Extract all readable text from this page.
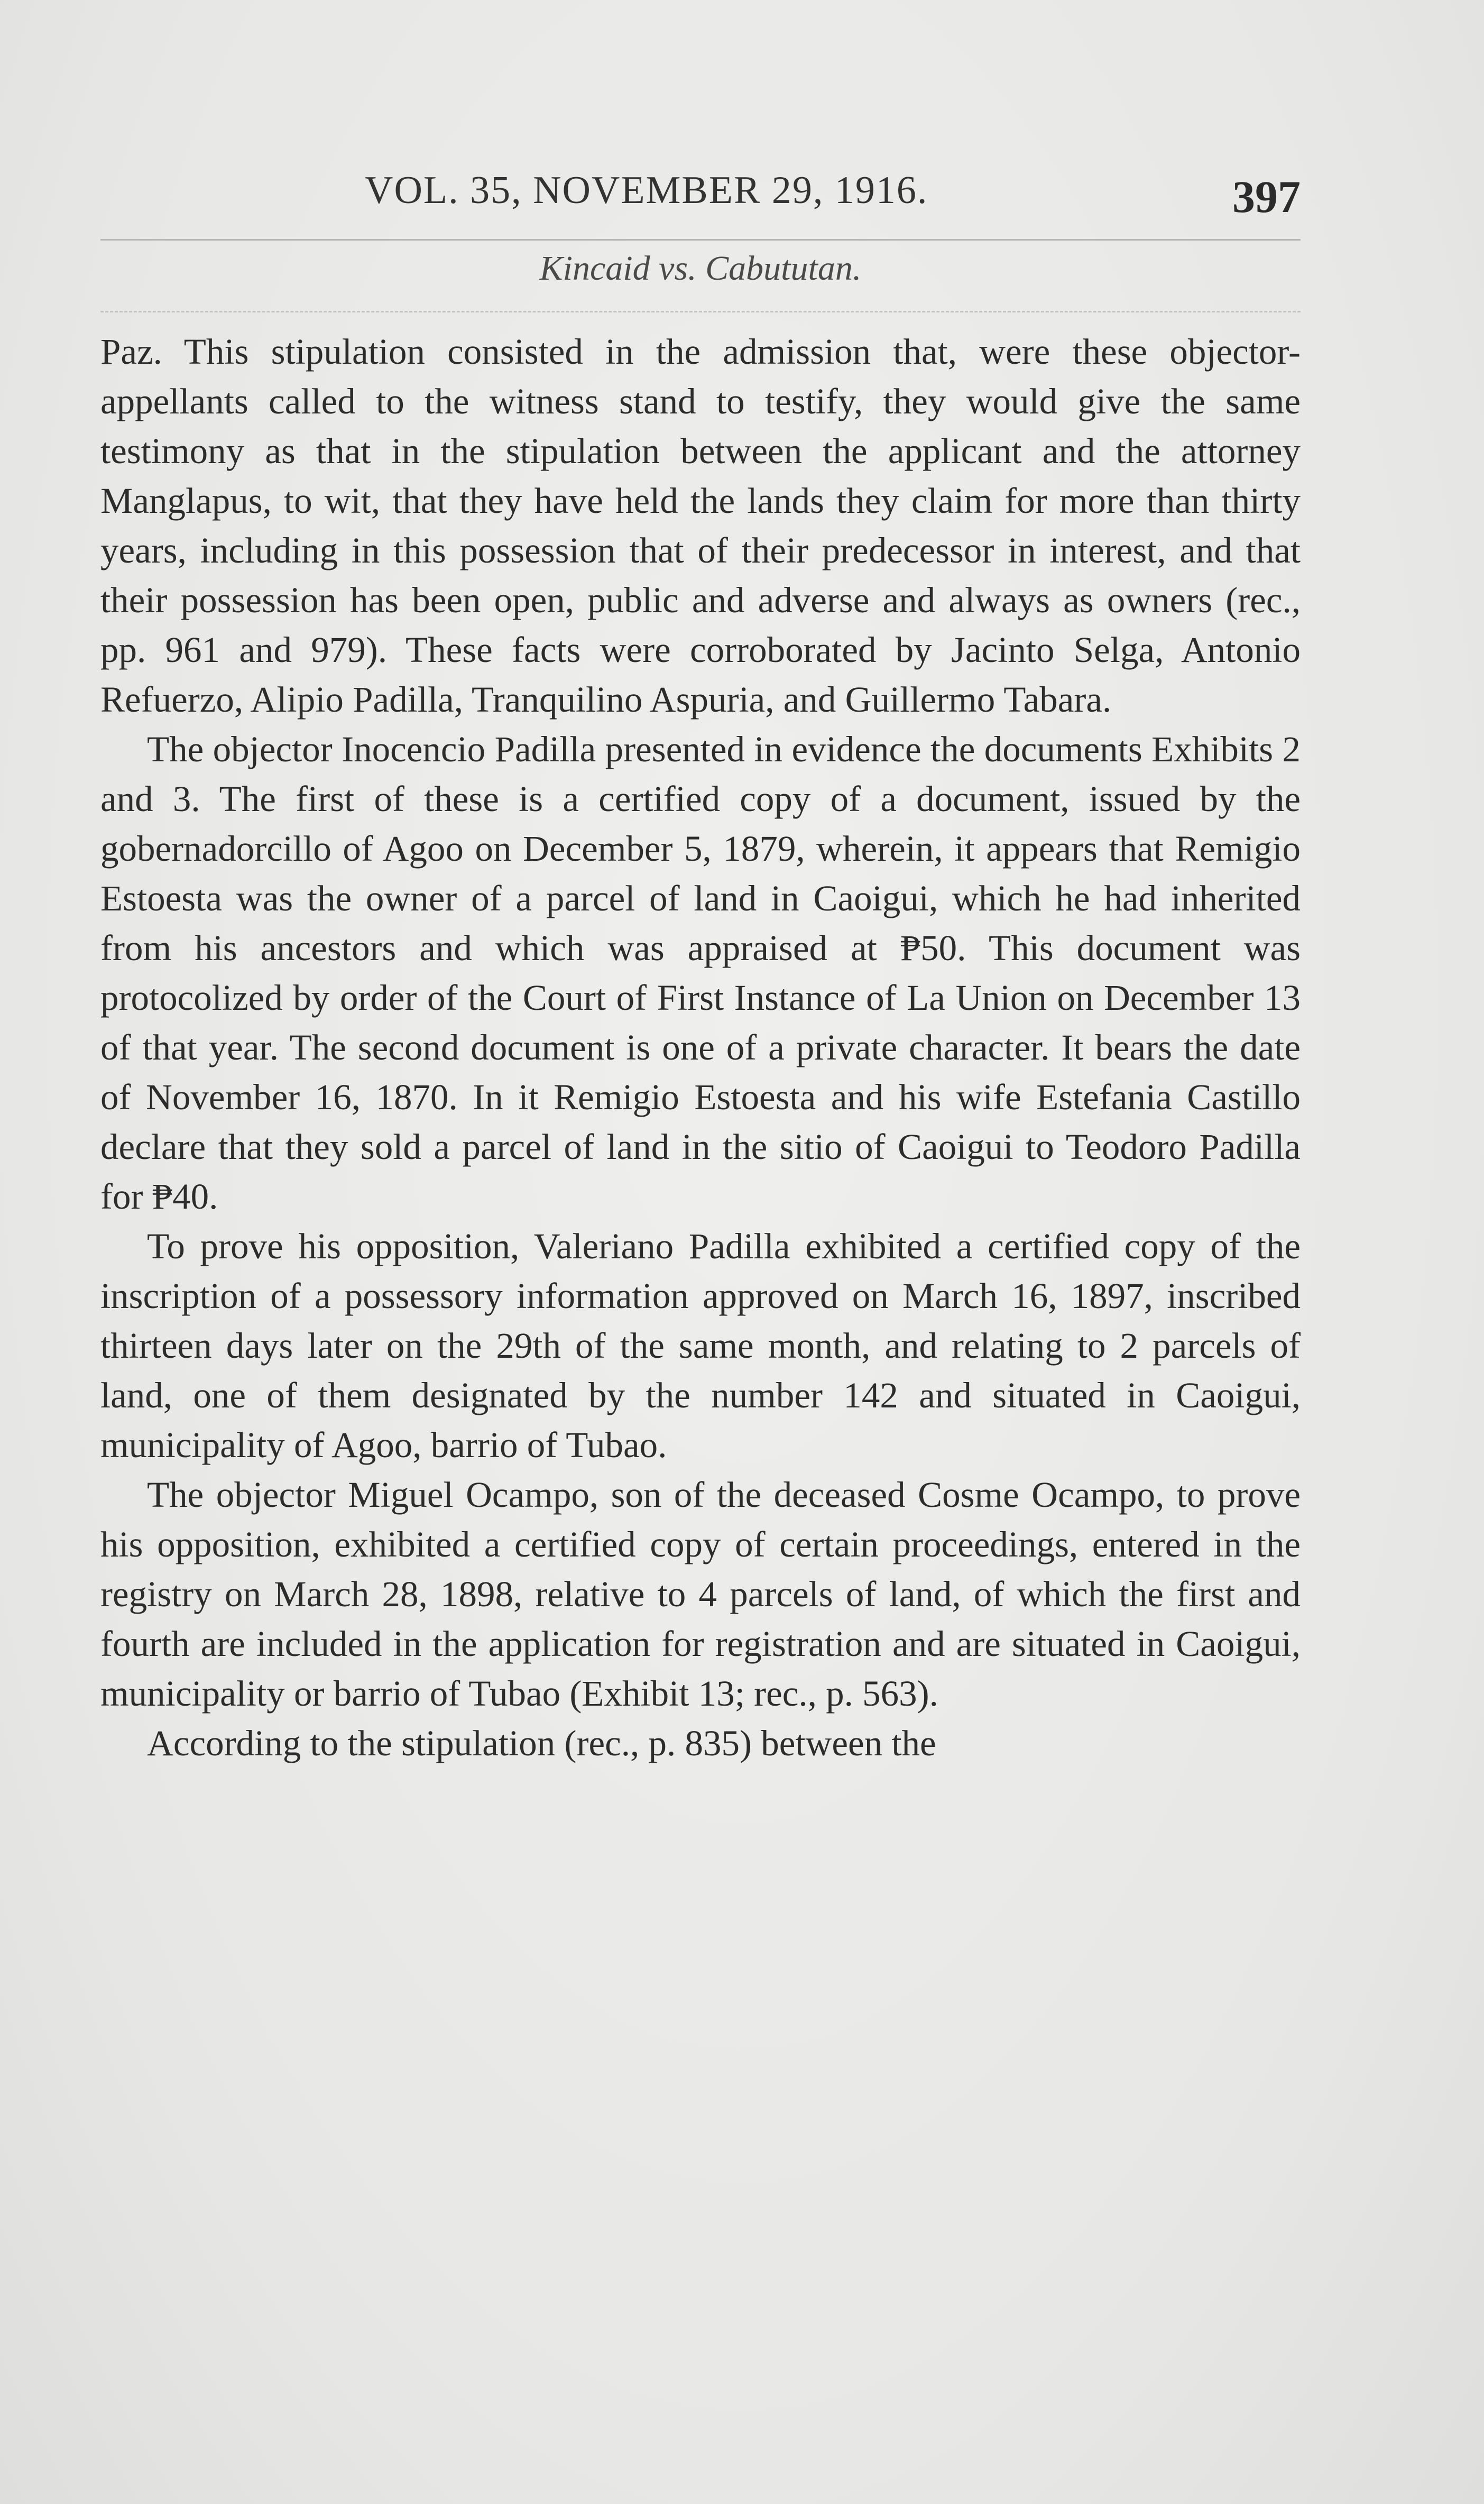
VOL. 35, NOVEMBER 29, 1916.	397
Kincaid vs. Cabututan.

Paz. This stipulation consisted in the admission that, were these objector-appellants called to the witness stand to testify, they would give the same testimony as that in the stipulation between the applicant and the attorney Manglapus, to wit, that they have held the lands they claim for more than thirty years, including in this possession that of their predecessor in interest, and that their possession has been open, public and adverse and always as owners (rec., pp. 961 and 979). These facts were corroborated by Jacinto Selga, Antonio Refuerzo, Alipio Padilla, Tranquilino Aspuria, and Guillermo Tabara.

The objector Inocencio Padilla presented in evidence the documents Exhibits 2 and 3. The first of these is a certified copy of a document, issued by the gobernadorcillo of Agoo on December 5, 1879, wherein, it appears that Remigio Estoesta was the owner of a parcel of land in Caoigui, which he had inherited from his ancestors and which was appraised at ₱50. This document was protocolized by order of the Court of First Instance of La Union on December 13 of that year. The second document is one of a private character. It bears the date of November 16, 1870. In it Remigio Estoesta and his wife Estefania Castillo declare that they sold a parcel of land in the sitio of Caoigui to Teodoro Padilla for ₱40.

To prove his opposition, Valeriano Padilla exhibited a certified copy of the inscription of a possessory information approved on March 16, 1897, inscribed thirteen days later on the 29th of the same month, and relating to 2 parcels of land, one of them designated by the number 142 and situated in Caoigui, municipality of Agoo, barrio of Tubao.

The objector Miguel Ocampo, son of the deceased Cosme Ocampo, to prove his opposition, exhibited a certified copy of certain proceedings, entered in the registry on March 28, 1898, relative to 4 parcels of land, of which the first and fourth are included in the application for registration and are situated in Caoigui, municipality or barrio of Tubao (Exhibit 13; rec., p. 563).

According to the stipulation (rec., p. 835) between the
